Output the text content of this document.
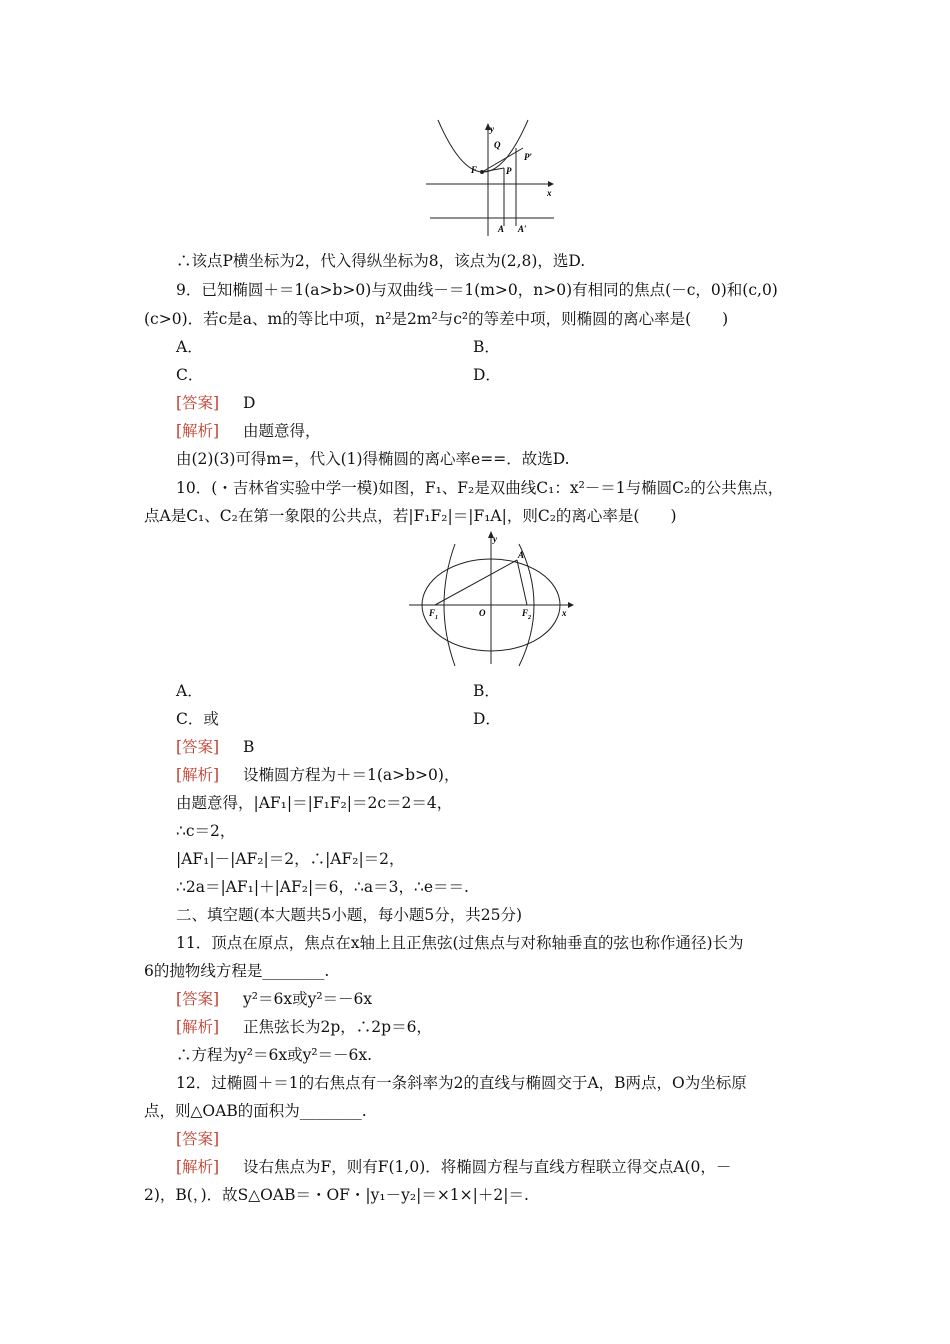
y
x
Q
F	P
P′
A A′
∴该点P横坐标为2，代入得纵坐标为8，该点为(2,8)，选D.
9．已知椭圆＋＝1(a>b>0)与双曲线－＝1(m>0，n>0)有相同的焦点(－c，0)和(c,0)
(c>0)．若c是a、m的等比中项，n²是2m²与c²的等差中项，则椭圆的离心率是(　　)
A．	B．
C．	D．
[答案] D
[解析] 由题意得，
由(2)(3)可得m=，代入(1)得椭圆的离心率e==．故选D.
10．(・吉林省实验中学一模)如图，F₁、F₂是双曲线C₁：x²－＝1与椭圆C₂的公共焦点，
点A是C₁、C₂在第一象限的公共点，若|F₁F₂|＝|F₁A|，则C₂的离心率是(　　)
y
x
A
$F_1$	O	$F_2$
A．	B．
C．或	D．
[答案] B
[解析] 设椭圆方程为＋＝1(a>b>0)，
由题意得，|AF₁|＝|F₁F₂|＝2c＝2＝4，
∴c＝2，
|AF₁|－|AF₂|＝2，∴|AF₂|＝2，
∴2a＝|AF₁|＋|AF₂|＝6，∴a＝3，∴e＝＝.
二、填空题(本大题共5小题，每小题5分，共25分)
11．顶点在原点，焦点在x轴上且正焦弦(过焦点与对称轴垂直的弦也称作通径)长为
6的抛物线方程是________.
[答案] y²＝6x或y²＝－6x
[解析] 正焦弦长为2p，∴2p＝6，
∴方程为y²＝6x或y²＝－6x.
12．过椭圆＋＝1的右焦点有一条斜率为2的直线与椭圆交于A，B两点，O为坐标原
点，则△OAB的面积为________.
[答案]
[解析] 设右焦点为F，则有F(1,0)．将椭圆方程与直线方程联立得交点A(0，－
2)，B(，)．故S△OAB＝・OF・|y₁－y₂|＝×1×|＋2|＝.
